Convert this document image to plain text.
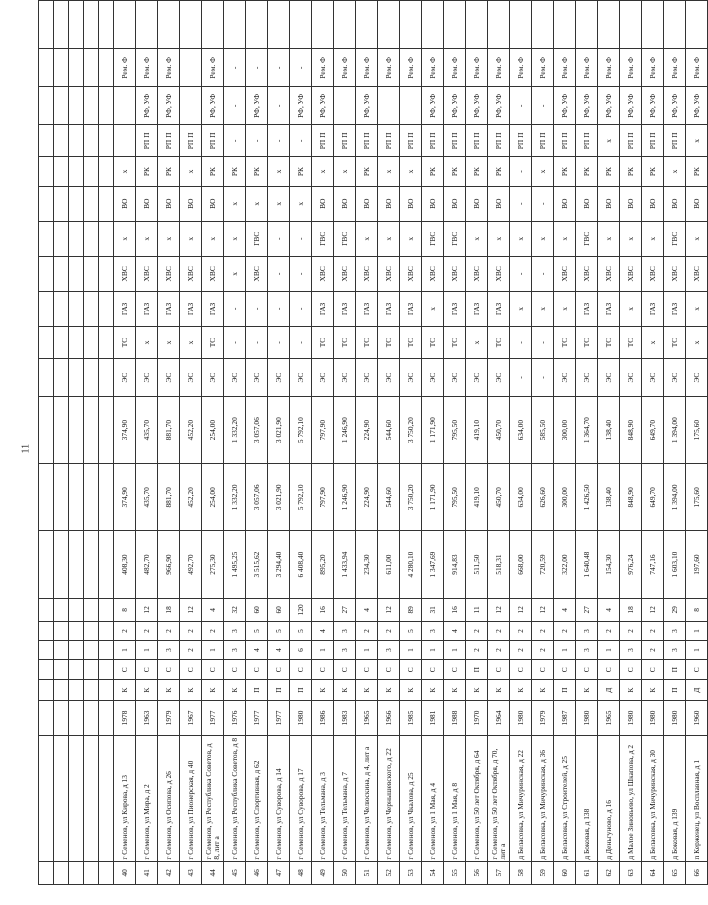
11

40	г Семенов, ул Кирова, д 13	1978	К	С	1	2	8	408,30	374,90	374,90	ЭС	ТС	ГАЗ	ХВС	х	ВО	х			Рем. Ф	
41	г Семенов, ул Мира, д 2	1963	К	С	1	2	12	482,70	435,70	435,70	ЭС	х	ГАЗ	ХВС	х	ВО	РК	РП П	РФ, УФ	Рем. Ф	
42	г Семенов, ул Осипова, д 26	1979	К	С	3	2	18	966,90	881,70	881,70	ЭС	х	ГАЗ	ХВС	х	ВО	РК	РП П	РФ, УФ	Рем. Ф	
43	г Семенов, ул Пионерская, д 40	1967	К	С	2	2	12	492,70	452,20	452,20	ЭС	х	ГАЗ	ХВС	х	ВО	х	РП П			
44	г Семенов, ул Республика Советов, д 8, лит а	1977	К	С	1	2	4	275,30	254,00	254,00	ЭС	ТС	ГАЗ	ХВС	х	ВО	РК	РП П	РФ, УФ	Рем. Ф	
45	г Семенов, ул Республика Советов, д 8	1976	К	С	3	3	32	1 495,25	1 332,20	1 332,20	ЭС	-	-	х	х	х	РК	-	-	-	
46	г Семенов, ул Спортивная, д 62	1977	П	С	4	5	60	3 515,62	3 057,06	3 057,06	ЭС	-	-	ХВС	ГВС	х	РК	-	РФ, УФ	-	
47	г Семенов, ул Суворова, д 14	1977	П	С	4	5	60	3 294,40	3 021,90	3 021,90	ЭС	-	-	-	-	х	х	-	-	-	
48	г Семенов, ул Суворова, д 17	1980	П	С	6	5	120	6 408,40	5 792,10	5 792,10	ЭС	-	-	-	-	х	РК	-	РФ, УФ	-	
49	г Семенов, ул Тельмана, д 3	1986	К	С	1	4	16	895,20	797,90	797,90	ЭС	ТС	ГАЗ	ХВС	ГВС	ВО	х	РП П	РФ, УФ	Рем. Ф	
50	г Семенов, ул Тельмана, д 7	1983	К	С	3	3	27	1 433,94	1 246,90	1 246,90	ЭС	ТС	ГАЗ	ХВС	ГВС	ВО	х	РП П		Рем. Ф	
51	г Семенов, ул Челюскина, д 4, лит а	1965	К	С	1	2	4	234,30	224,90	224,90	ЭС	ТС	ГАЗ	ХВС	х	ВО	РК	РП П	РФ, УФ	Рем. Ф	
52	г Семенов, ул Чернышевского, д 22	1966	К	С	3	2	12	611,00	544,60	544,60	ЭС	ТС	ГАЗ	ХВС	х	ВО	х	РП П		Рем. Ф	
53	г Семенов, ул Чкалова, д 25	1985	К	С	1	5	89	4 280,10	3 750,20	3 750,20	ЭС	ТС	ГАЗ	ХВС	х	ВО	х	РП П		Рем. Ф	
54	г Семенов, ул 1 Мая, д 4	1981	К	С	1	3	31	1 347,69	1 171,90	1 171,90	ЭС	ТС	х	ХВС	ГВС	ВО	РК	РП П	РФ, УФ	Рем. Ф	
55	г Семенов, ул 1 Мая, д 8	1988	К	С	1	4	16	914,83	795,50	795,50	ЭС	ТС	ГАЗ	ХВС	ГВС	ВО	РК	РП П	РФ, УФ	Рем. Ф	
56	г Семенов, ул 50 лет Октября, д 64	1970	К	П	2	2	11	511,50	419,10	419,10	ЭС	х	ГАЗ	ХВС	х	ВО	РК	РП П	РФ, УФ	Рем. Ф	
57	г Семенов, ул 50 лет Октября, д 70, лит а	1964	К	С	2	2	12	518,31	450,70	450,70	ЭС	ТС	ГАЗ	ХВС	х	ВО	РК	РП П	РФ, УФ	Рем. Ф	
58	д Беласовка, ул Мичуринская, д 22	1980	К	С	2	2	12	668,00	634,00	634,00	-	-	х	-	х	-	-	РП П	-	Рем. Ф	
59	д Беласовка, ул Мичуринская, д 36	1979	К	С	2	2	12	720,59	626,60	585,50	-	-	х	-	х	-	х	РП П	-	Рем. Ф	
60	д Беласовка, ул Строителей, д 25	1987	П	С	1	2	4	322,00	300,00	300,00	ЭС	ТС	х	ХВС	х	ВО	РК	РП П	РФ, УФ	Рем. Ф	
61	д Боковая, д 138	1980	К	С	3	3	27	1 640,48	1 426,50	1 364,70	ЭС	ТС	ГАЗ	ХВС	ГВС	ВО	РК	РП П	РФ, УФ	Рем. Ф	
62	д Деньгуново, д 16	1965	Д	С	1	2	4	154,30	138,40	138,40	ЭС	ТС	ГАЗ	ХВС	х	ВО	РК	х	РФ, УФ	Рем. Ф	
63	д Малое Зиновьево, ул Шкапова, д 2	1980	К	С	3	2	18	976,24	848,90	848,90	ЭС	ТС	х	ХВС	х	ВО	РК	РП П	РФ, УФ	Рем. Ф	
64	д Беласовка, ул Мичуринская, д 30	1980	К	С	2	2	12	747,16	649,70	649,70	ЭС	х	ГАЗ	ХВС	х	ВО	РК	РП П	РФ, УФ	Рем. Ф	
65	д Боковая, д 139	1980	П	П	3	3	29	1 603,10	1 394,00	1 394,00	ЭС	ТС	ГАЗ	ХВС	ГВС	ВО	х	РП П	РФ, УФ	Рем. Ф	
66	п Керженец, ул Восплавная, д 1	1960	Д	С	1	1	8	197,60	175,60	175,60	ЭС	х	х	ХВС	х	ВО	РК	х	РФ, УФ	Рем. Ф	
